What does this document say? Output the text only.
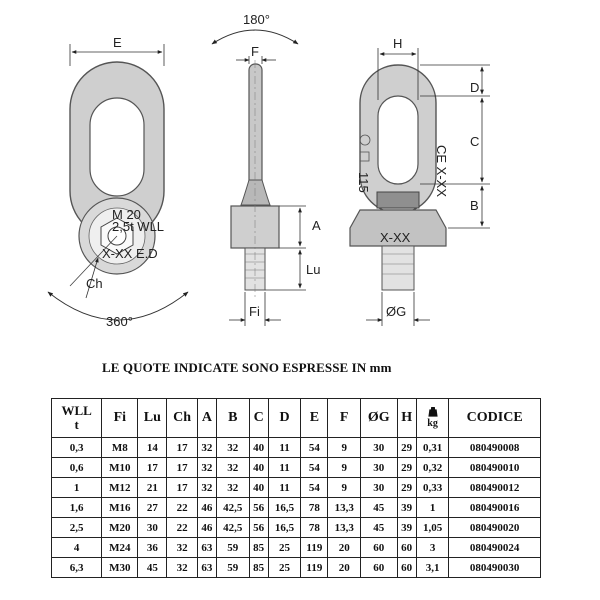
M 20
2,5t WLL
X-XX E.D
E
Ch
360°
180°
F
A
Lu
Fi
CE X-XX
115
X-XX
H
D
C
B
ØG
LE QUOTE INDICATE SONO ESPRESSE IN mm
WLL
t	Fi	Lu	Ch	A	B	C	D	E	F	ØG	H	kg	CODICE
0,3	M8	14	17	32	32	40	11	54	9	30	29	0,31	080490008
0,6	M10	17	17	32	32	40	11	54	9	30	29	0,32	080490010
1	M12	21	17	32	32	40	11	54	9	30	29	0,33	080490012
1,6	M16	27	22	46	42,5	56	16,5	78	13,3	45	39	1	080490016
2,5	M20	30	22	46	42,5	56	16,5	78	13,3	45	39	1,05	080490020
4	M24	36	32	63	59	85	25	119	20	60	60	3	080490024
6,3	M30	45	32	63	59	85	25	119	20	60	60	3,1	080490030
